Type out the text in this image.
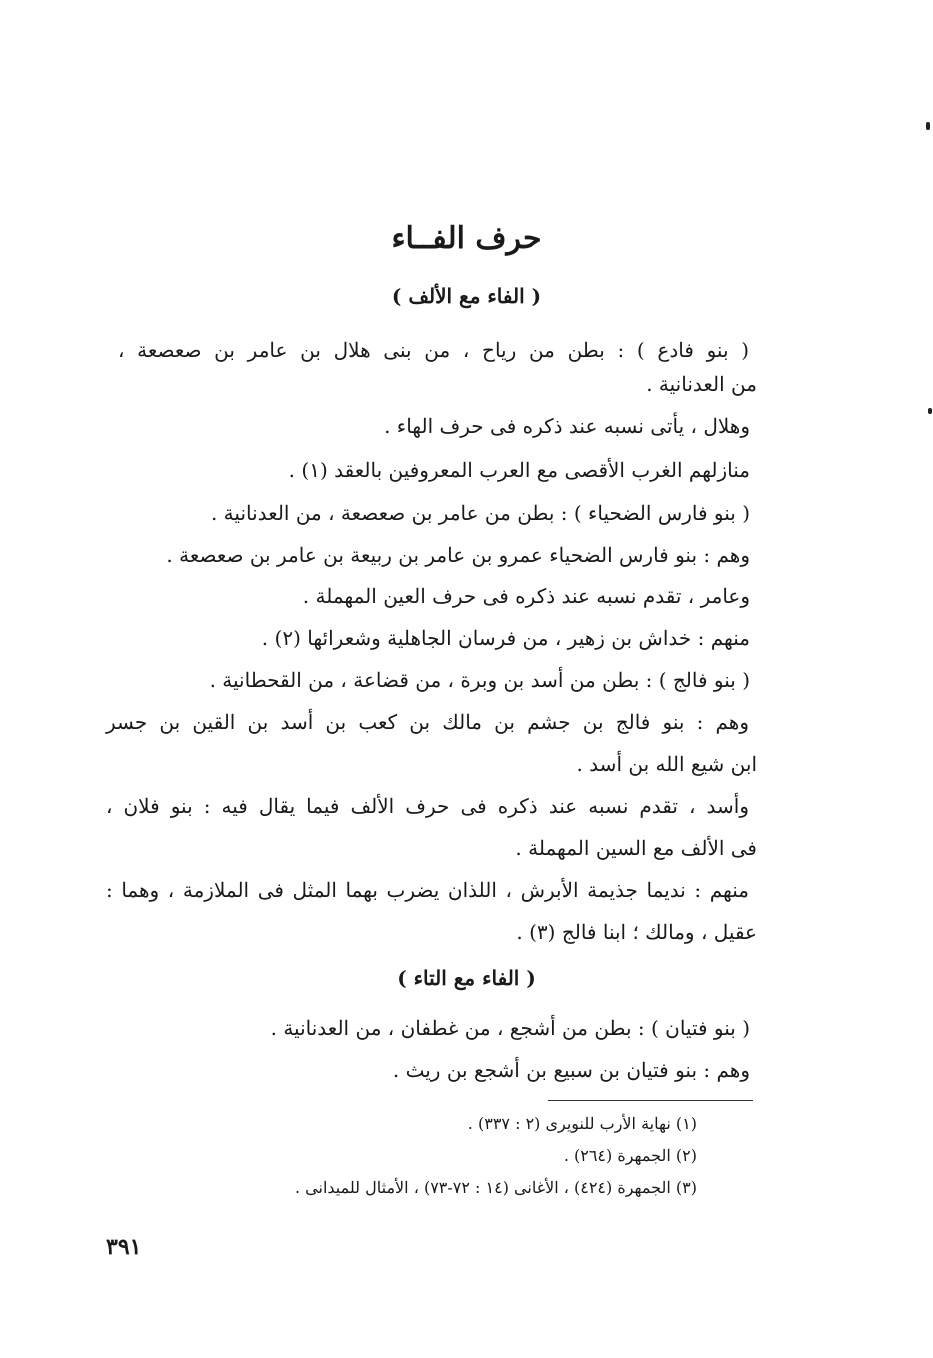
حرف الفــاء
( الفاء مع الألف )
( بنو فادع ) : بطن من رياح ، من بنى هلال بن عامر بن صعصعة ،
من العدنانية .
وهلال ، يأتى نسبه عند ذكره فى حرف الهاء .
منازلهم الغرب الأقصى مع العرب المعروفين بالعقد (١) .
( بنو فارس الضحياء ) : بطن من عامر بن صعصعة ، من العدنانية .
وهم : بنو فارس الضحياء عمرو بن عامر بن ربيعة بن عامر بن صعصعة .
وعامر ، تقدم نسبه عند ذكره فى حرف العين المهملة .
منهم : خداش بن زهير ، من فرسان الجاهلية وشعرائها (٢) .
( بنو فالج ) : بطن من أسد بن وبرة ، من قضاعة ، من القحطانية .
وهم : بنو فالج بن جشم بن مالك بن كعب بن أسد بن القين بن جسر
ابن شيع الله بن أسد .
وأسد ، تقدم نسبه عند ذكره فى حرف الألف فيما يقال فيه : بنو فلان ،
فى الألف مع السين المهملة .
منهم : نديما جذيمة الأبرش ، اللذان يضرب بهما المثل فى الملازمة ، وهما :
عقيل ، ومالك ؛ ابنا فالج (٣) .
( الفاء مع التاء )
( بنو فتيان ) : بطن من أشجع ، من غطفان ، من العدنانية .
وهم : بنو فتيان بن سبيع بن أشجع بن ريث .
(١) نهاية الأرب للنويرى (٢ : ٣٣٧) .
(٢) الجمهرة (٢٦٤) .
(٣) الجمهرة (٤٢٤) ، الأغانى (١٤ : ٧٢-٧٣) ، الأمثال للميدانى .
٣٩١
